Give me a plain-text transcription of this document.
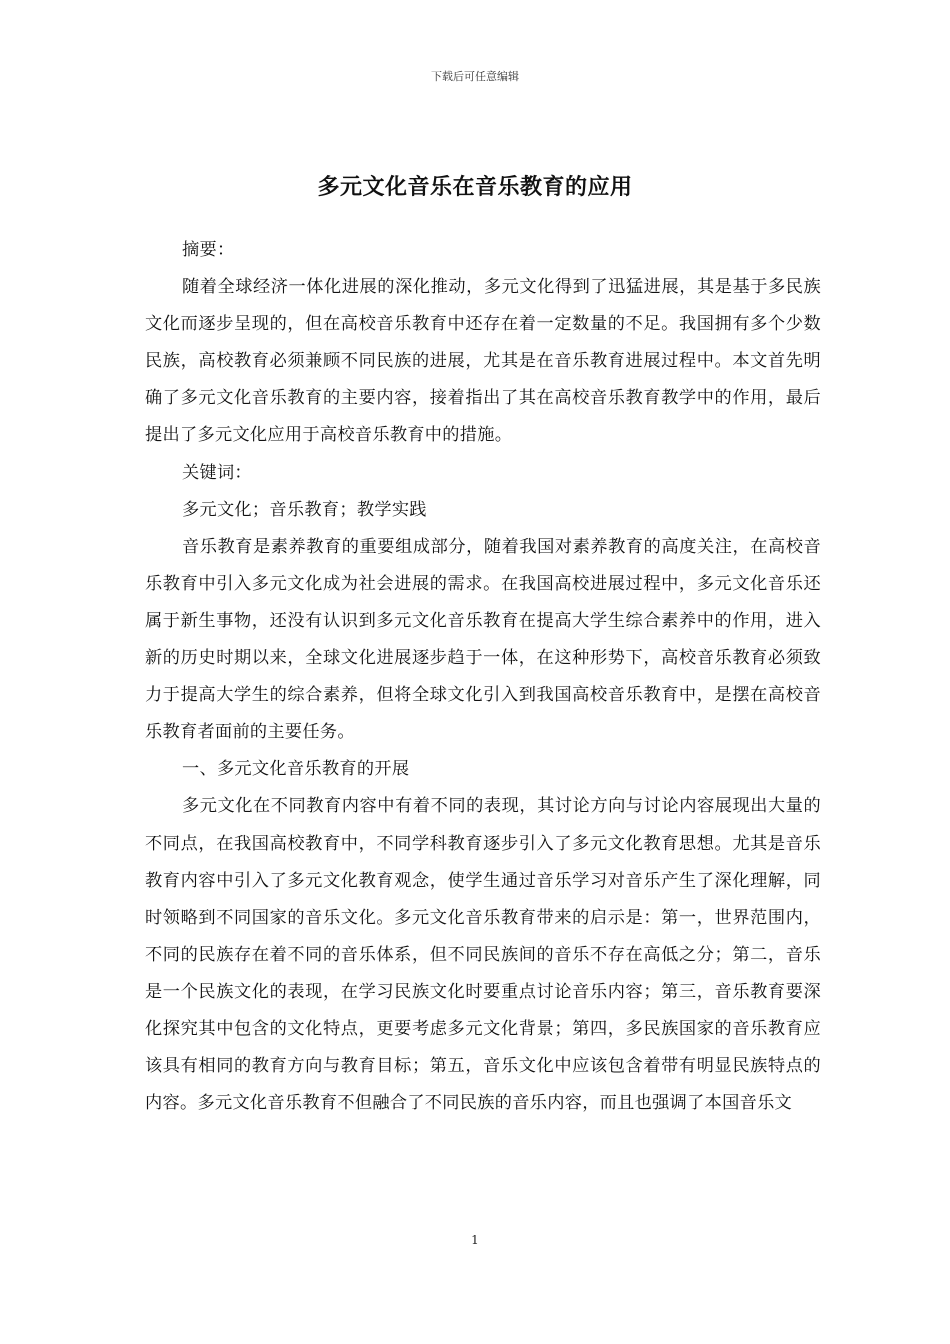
下载后可任意编辑
多元文化音乐在音乐教育的应用

摘要：

随着全球经济一体化进展的深化推动，多元文化得到了迅猛进展，其是基于多民族文化而逐步呈现的，但在高校音乐教育中还存在着一定数量的不足。我国拥有多个少数民族，高校教育必须兼顾不同民族的进展，尤其是在音乐教育进展过程中。本文首先明确了多元文化音乐教育的主要内容，接着指出了其在高校音乐教育教学中的作用，最后提出了多元文化应用于高校音乐教育中的措施。

关键词：

多元文化；音乐教育；教学实践

音乐教育是素养教育的重要组成部分，随着我国对素养教育的高度关注，在高校音乐教育中引入多元文化成为社会进展的需求。在我国高校进展过程中，多元文化音乐还属于新生事物，还没有认识到多元文化音乐教育在提高大学生综合素养中的作用，进入新的历史时期以来，全球文化进展逐步趋于一体，在这种形势下，高校音乐教育必须致力于提高大学生的综合素养，但将全球文化引入到我国高校音乐教育中，是摆在高校音乐教育者面前的主要任务。

一、多元文化音乐教育的开展

多元文化在不同教育内容中有着不同的表现，其讨论方向与讨论内容展现出大量的不同点，在我国高校教育中，不同学科教育逐步引入了多元文化教育思想。尤其是音乐教育内容中引入了多元文化教育观念，使学生通过音乐学习对音乐产生了深化理解，同时领略到不同国家的音乐文化。多元文化音乐教育带来的启示是：第一，世界范围内，不同的民族存在着不同的音乐体系，但不同民族间的音乐不存在高低之分；第二，音乐是一个民族文化的表现，在学习民族文化时要重点讨论音乐内容；第三，音乐教育要深化探究其中包含的文化特点，更要考虑多元文化背景；第四，多民族国家的音乐教育应该具有相同的教育方向与教育目标；第五，音乐文化中应该包含着带有明显民族特点的内容。多元文化音乐教育不但融合了不同民族的音乐内容，而且也强调了本国音乐文

1
